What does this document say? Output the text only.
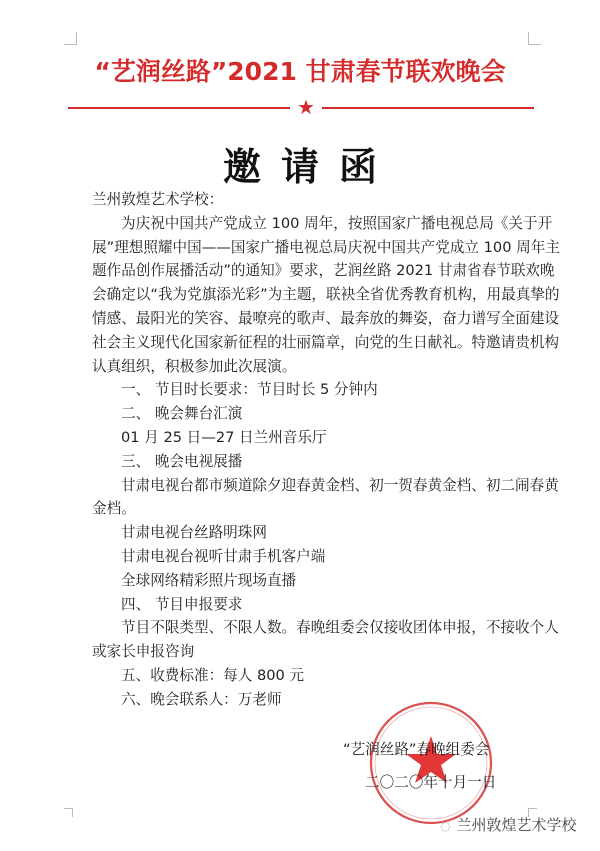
“艺润丝路”2021 甘肃春节联欢晚会
★
邀请函
兰州敦煌艺术学校：
为庆祝中国共产党成立 100 周年，按照国家广播电视总局《关于开
展”理想照耀中国——国家广播电视总局庆祝中国共产党成立 100 周年主
题作品创作展播活动”的通知》要求，艺润丝路 2021 甘肃省春节联欢晚
会确定以“我为党旗添光彩”为主题，联袂全省优秀教育机构，用最真挚的
情感、最阳光的笑容、最嘹亮的歌声、最奔放的舞姿，奋力谱写全面建设
社会主义现代化国家新征程的壮丽篇章，向党的生日献礼。特邀请贵机构
认真组织，积极参加此次展演。
一、 节目时长要求：节目时长 5 分钟内
二、 晚会舞台汇演
01 月 25 日—27 日兰州音乐厅
三、 晚会电视展播
甘肃电视台都市频道除夕迎春黄金档、初一贺春黄金档、初二闹春黄
金档。
甘肃电视台丝路明珠网
甘肃电视台视听甘肃手机客户端
全球网络精彩照片现场直播
四、 节目申报要求
节目不限类型、不限人数。春晚组委会仅接收团体申报，不接收个人
或家长申报咨询
五、收费标准：每人 800 元
六、晚会联系人：万老师
“艺润丝路”春晚组委会
二〇二〇年十月一日
◌ 兰州敦煌艺术学校
